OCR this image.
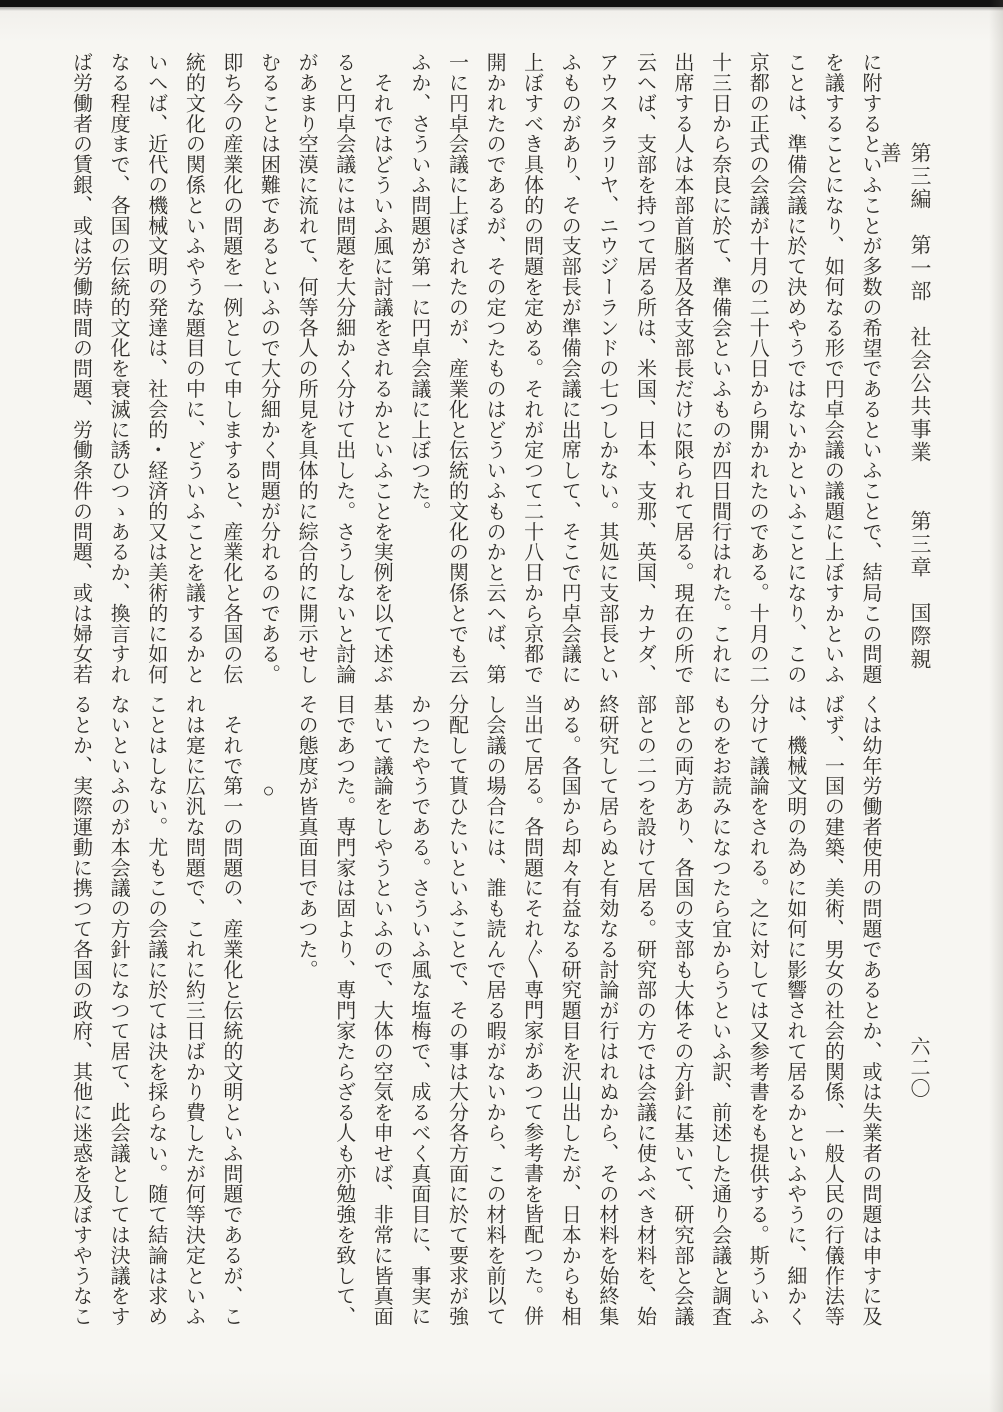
第三編　第一部　社会公共事業　　第三章　国際親善
六二〇
に附するといふことが多数の希望であるといふことで、結局この問題
を議することになり、如何なる形で円卓会議の議題に上ぼすかといふ
ことは、準備会議に於て決めやうではないかといふことになり、この
京都の正式の会議が十月の二十八日から開かれたのである。十月の二
十三日から奈良に於て、準備会といふものが四日間行はれた。これに
出席する人は本部首脳者及各支部長だけに限られて居る。現在の所で
云へば、支部を持つて居る所は、米国、日本、支那、英国、カナダ、
アウスタラリヤ、ニウジーランドの七つしかない。其処に支部長とい
ふものがあり、その支部長が準備会議に出席して、そこで円卓会議に
上ぼすべき具体的の問題を定める。それが定つて二十八日から京都で
開かれたのであるが、その定つたものはどういふものかと云へば、第
一に円卓会議に上ぼされたのが、産業化と伝統的文化の関係とでも云
ふか、さういふ問題が第一に円卓会議に上ぼつた。
　それではどういふ風に討議をされるかといふことを実例を以て述ぶ
ると円卓会議には問題を大分細かく分けて出した。さうしないと討論
があまり空漠に流れて、何等各人の所見を具体的に綜合的に開示せし
むることは困難であるといふので大分細かく問題が分れるのである。
即ち今の産業化の問題を一例として申しますると、産業化と各国の伝
統的文化の関係といふやうな題目の中に、どういふことを議するかと
いへば、近代の機械文明の発達は、社会的・経済的又は美術的に如何
なる程度まで、各国の伝統的文化を衰滅に誘ひつゝあるか、換言すれ
ば労働者の賃銀、或は労働時間の問題、労働条件の問題、或は婦女若
くは幼年労働者使用の問題であるとか、或は失業者の問題は申すに及
ばず、一国の建築、美術、男女の社会的関係、一般人民の行儀作法等
は、機械文明の為めに如何に影響されて居るかといふやうに、細かく
分けて議論をされる。之に対しては又参考書をも提供する。斯ういふ
ものをお読みになつたら宜からうといふ訳、前述した通り会議と調査
部との両方あり、各国の支部も大体その方針に基いて、研究部と会議
部との二つを設けて居る。研究部の方では会議に使ふべき材料を、始
終研究して居らぬと有効なる討論が行はれぬから、その材料を始終集
める。各国から却々有益なる研究題目を沢山出したが、日本からも相
当出て居る。各問題にそれ〴〵専門家があつて参考書を皆配つた。併
し会議の場合には、誰も読んで居る暇がないから、この材料を前以て
分配して貰ひたいといふことで、その事は大分各方面に於て要求が強
かつたやうである。さういふ風な塩梅で、成るべく真面目に、事実に
基いて議論をしやうといふので、大体の空気を申せば、非常に皆真面
目であつた。専門家は固より、専門家たらざる人も亦勉強を致して、
その態度が皆真面目であつた。
○
　それで第一の問題の、産業化と伝統的文明といふ問題であるが、こ
れは寔に広汎な問題で、これに約三日ばかり費したが何等決定といふ
ことはしない。尤もこの会議に於ては決を採らない。随て結論は求め
ないといふのが本会議の方針になつて居て、此会議としては決議をす
るとか、実際運動に携つて各国の政府、其他に迷惑を及ぼすやうなこ
